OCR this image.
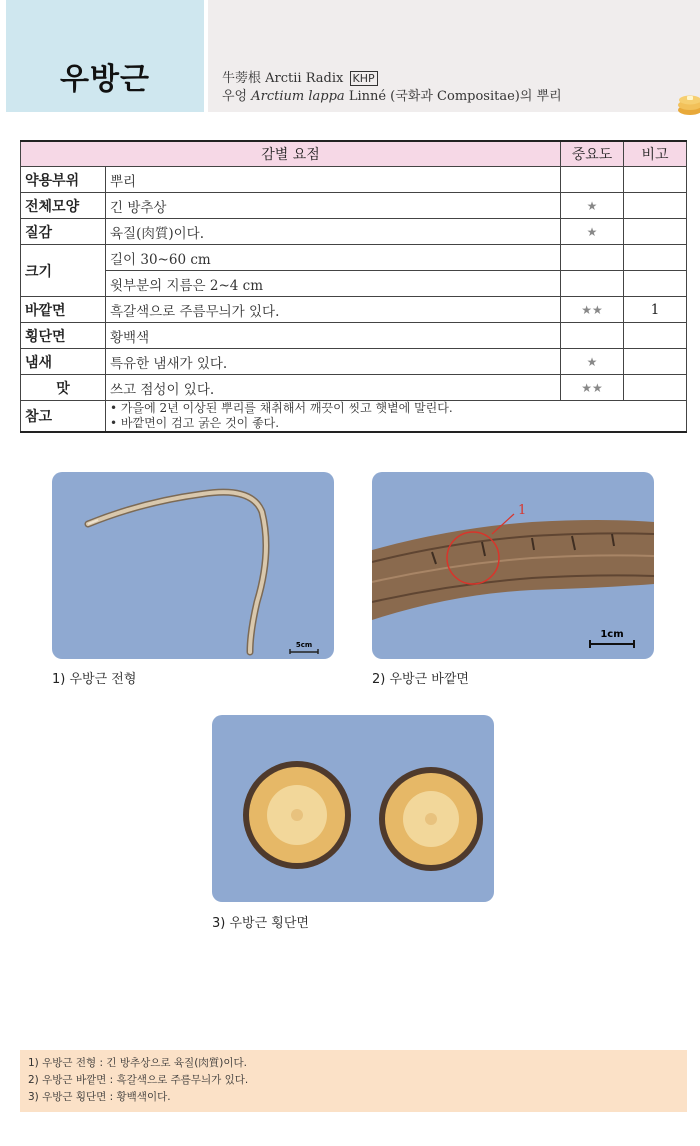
우방근	牛蒡根 Arctii Radix KHP
우엉 Arctium lappa Linné (국화과 Compositae)의 뿌리
감별 요점		중요도	비고
약용부위	뿌리		
전체모양	긴 방추상	★	
질감	육질(肉質)이다.	★	
크기	길이 30~60 cm		
	윗부분의 지름은 2~4 cm		
바깥면	흑갈색으로 주름무늬가 있다.	★★	1
횡단면	황백색		
냄새	특유한 냄새가 있다.	★	
맛	쓰고 점성이 있다.	★★	
참고	• 가을에 2년 이상된 뿌리를 채취해서 깨끗이 씻고 햇볕에 말린다.
• 바깥면이 검고 굵은 것이 좋다.		
5cm
1) 우방근 전형
1
1cm
2) 우방근 바깥면
3) 우방근 횡단면
1) 우방근 전형 : 긴 방추상으로 육질(肉質)이다.
2) 우방근 바깥면 : 흑갈색으로 주름무늬가 있다.
3) 우방근 횡단면 : 황백색이다.
